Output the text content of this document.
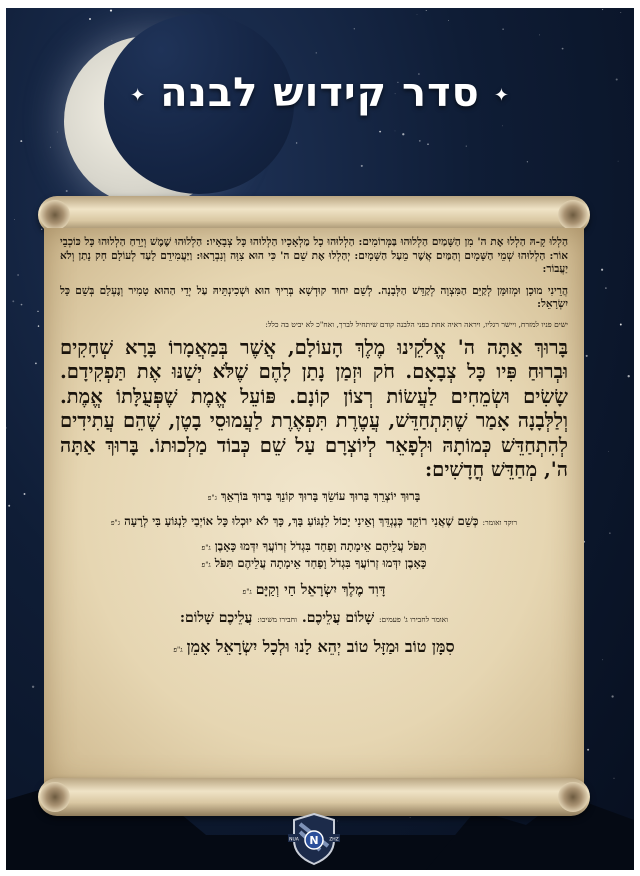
✦סדר קידוש לבנה✦

הַלְלוּ קָ-הּ הַלְלוּ אֶת ה' מִן הַשָּׁמַיִם הַלְלוּהוּ בַּמְּרוֹמִים: הַלְלוּהוּ כָל מַלְאָכָיו הַלְלוּהוּ כָּל צְבָאָיו: הַלְלוּהוּ שֶׁמֶשׁ וְיָרֵחַ הַלְלוּהוּ כָּל כּוֹכְבֵי אוֹר: הַלְלוּהוּ שְׁמֵי הַשָּׁמָיִם וְהַמַּיִם אֲשֶׁר מֵעַל הַשָּׁמָיִם: יְהַלְלוּ אֶת שֵׁם ה' כִּי הוּא צִוָּה וְנִבְרָאוּ: וַיַּעֲמִידֵם לָעַד לְעוֹלָם חָק נָתַן וְלֹא יַעֲבוֹר:

הֲרֵינִי מוּכָן וּמְזוּמָּן לְקַיֵּם הַמִּצְוָה לְקַדֵּשׁ הַלְּבָנָה. לְשֵׁם יִחוּד קוּדְשָׁא בְּרִיךְ הוּא וּשְׁכִינְתֵּיהּ עַל יְדֵי הַהוּא טָמִיר וְנֶעְלָם בְּשֵׁם כָּל יִשְׂרָאֵל:

ישים פניו למזרח, ויישר רגליו, ויראה ראיה אחת בפני הלבנה קודם שיתחיל לברך, ואח"כ לא יביט בה כלל:

בָּרוּךְ אַתָּה ה' אֱלֹקֵינוּ מֶלֶךְ הָעוֹלָם, אֲשֶׁר בְּמַאֲמָרוֹ בָּרָא שְׁחָקִים וּבְרוּחַ פִּיו כָּל צְבָאָם. חֹק וּזְמַן נָתַן לָהֶם שֶׁלֹּא יְשַׁנּוּ אֶת תַּפְקִידָם. שָׂשִׂים וּשְׂמֵחִים לַעֲשׂוֹת רְצוֹן קוֹנָם. פּוֹעֵל אֱמֶת שֶׁפְּעֻלָּתוֹ אֱמֶת. וְלַלְּבָנָה אָמַר שֶׁתִּתְחַדֵּשׁ, עֲטֶרֶת תִּפְאֶרֶת לַעֲמוּסֵי בָטֶן, שֶׁהֵם עֲתִידִים לְהִתְחַדֵּשׁ כְּמוֹתָהּ וּלְפָאֵר לְיוֹצְרָם עַל שֵׁם כְּבוֹד מַלְכוּתוֹ. בָּרוּךְ אַתָּה ה', מְחַדֵּשׁ חֳדָשִׁים:

בָּרוּךְ יוֹצְרֵךְ בָּרוּךְ עוֹשֵׂךְ בָּרוּךְ קוֹנֵךְ בָּרוּךְ בּוֹרְאֵךְג"פ

רוקד ואומר: כְּשֵׁם שֶׁאֲנִי רוֹקֵד כְּנֶגְדֵּךְ וְאֵינִי יָכוֹל לִנְגּוֹעַ בָּךְ, כָּךְ לֹא יוּכְלוּ כָּל אוֹיְבַי לִנְגּוֹעַ בִּי לְרָעָהג"פ

תִּפֹּל עֲלֵיהֶם אֵימָתָה וָפַחַד בִּגְדֹל זְרוֹעֲךָ יִדְּמוּ כָּאָבֶןג"פ
כָּאָבֶן יִדְּמוּ זְרוֹעֲךָ בִּגְדֹל וָפַחַד אֵימָתָה עֲלֵיהֶם תִּפֹּלג"פ

דָּוִד מֶלֶךְ יִשְׂרָאֵל חַי וְקַיָּםג"פ

ואומר לחבירו ג' פעמים: שָׁלוֹם עֲלֵיכֶם. וחבירו משיבו: עֲלֵיכֶם שָׁלוֹם:

סִמָּן טוֹב וּמַזָּל טוֹב יְהֵא לָנוּ וּלְכָל יִשְׂרָאֵל אָמֵןג"פ

N
NUA	ZHZ
